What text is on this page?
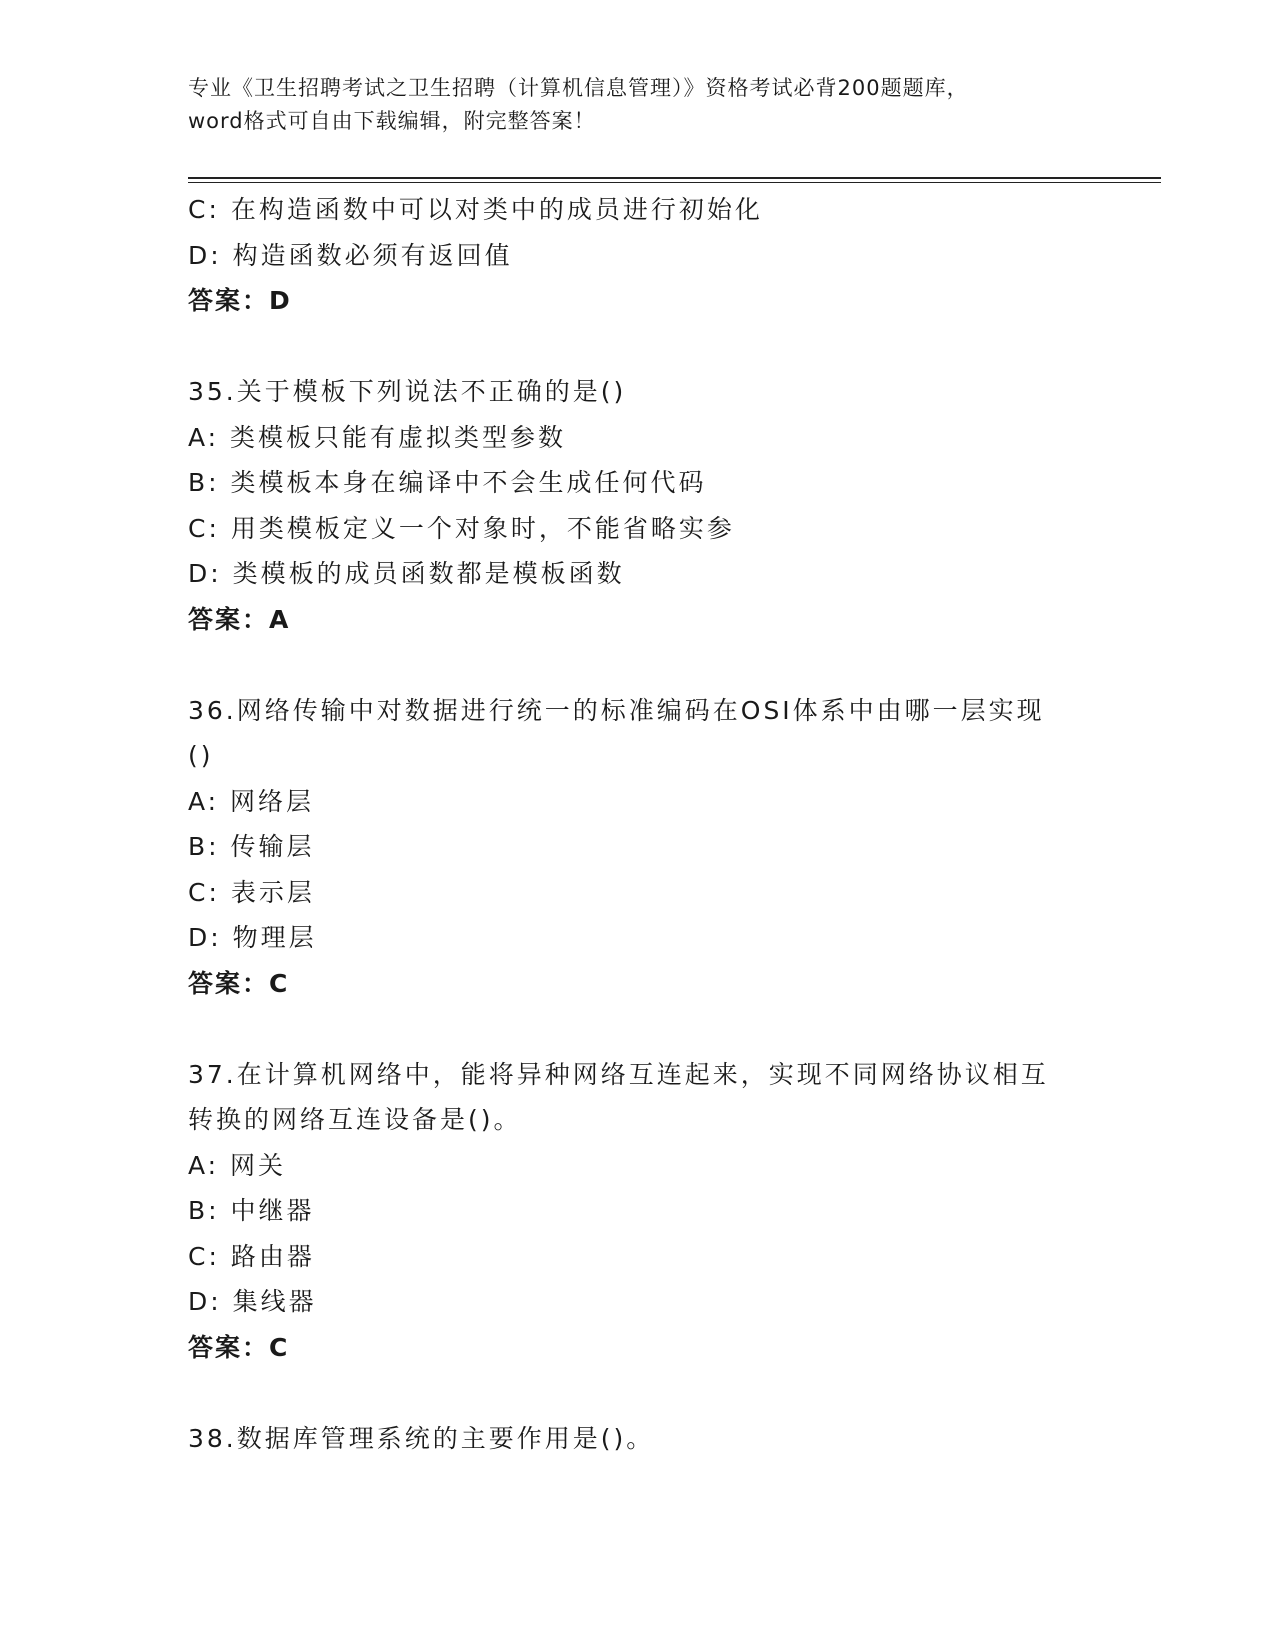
专业《卫生招聘考试之卫生招聘（计算机信息管理）》资格考试必背200题题库，
word格式可自由下载编辑，附完整答案！
C: 在构造函数中可以对类中的成员进行初始化
D: 构造函数必须有返回值
答案：D
35.关于模板下列说法不正确的是()
A: 类模板只能有虚拟类型参数
B: 类模板本身在编译中不会生成任何代码
C: 用类模板定义一个对象时，不能省略实参
D: 类模板的成员函数都是模板函数
答案：A
36.网络传输中对数据进行统一的标准编码在OSI体系中由哪一层实现
()
A: 网络层
B: 传输层
C: 表示层
D: 物理层
答案：C
37.在计算机网络中，能将异种网络互连起来，实现不同网络协议相互
转换的网络互连设备是()。
A: 网关
B: 中继器
C: 路由器
D: 集线器
答案：C
38.数据库管理系统的主要作用是()。
